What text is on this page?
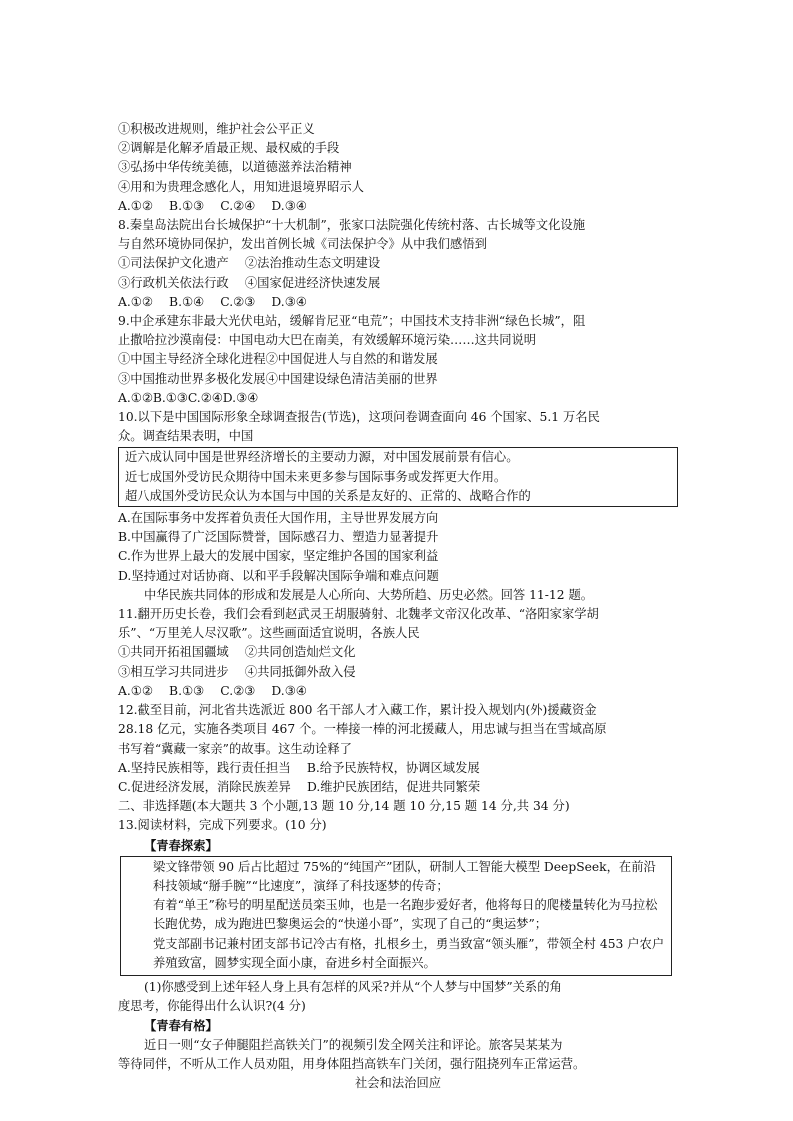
①积极改进规则，维护社会公平正义
②调解是化解矛盾最正规、最权威的手段
③弘扬中华传统美德，以道德滋养法治精神
④用和为贵理念感化人，用知进退境界昭示人
A.①②　 B.①③　 C.②④　 D.③④
8.秦皇岛法院出台长城保护“十大机制”，张家口法院强化传统村落、古长城等文化设施
与自然环境协同保护，发出首例长城《司法保护令》从中我们感悟到
①司法保护文化遗产　 ②法治推动生态文明建设
③行政机关依法行政　 ④国家促进经济快速发展
A.①②　 B.①④　 C.②③　 D.③④
9.中企承建东非最大光伏电站，缓解肯尼亚“电荒”；中国技术支持非洲“绿色长城”，阻
止撒哈拉沙漠南侵：中国电动大巴在南美，有效缓解环境污染……这共同说明
①中国主导经济全球化进程②中国促进人与自然的和谐发展
③中国推动世界多极化发展④中国建设绿色清洁美丽的世界
A.①②B.①③C.②④D.③④
10.以下是中国国际形象全球调查报告(节选)，这项问卷调查面向 46 个国家、5.1 万名民
众。调查结果表明，中国
近六成认同中国是世界经济增长的主要动力源，对中国发展前景有信心。
近七成国外受访民众期待中国未来更多参与国际事务或发挥更大作用。
超八成国外受访民众认为本国与中国的关系是友好的、正常的、战略合作的
A.在国际事务中发挥着负责任大国作用，主导世界发展方向
B.中国赢得了广泛国际赞誉，国际感召力、塑造力显著提升
C.作为世界上最大的发展中国家，坚定维护各国的国家利益
D.坚持通过对话协商、以和平手段解决国际争端和难点问题
中华民族共同体的形成和发展是人心所向、大势所趋、历史必然。回答 11-12 题。
11.翻开历史长卷，我们会看到赵武灵王胡服骑射、北魏孝文帝汉化改革、“洛阳家家学胡
乐”、“万里羌人尽汉歌”。这些画面适宜说明，各族人民
①共同开拓祖国疆域　 ②共同创造灿烂文化
③相互学习共同进步　 ④共同抵御外敌入侵
A.①②　 B.①③　 C.②③　 D.③④
12.截至目前，河北省共选派近 800 名干部人才入藏工作，累计投入规划内(外)援藏资金
28.18 亿元，实施各类项目 467 个。一棒接一棒的河北援藏人，用忠诚与担当在雪域高原
书写着“冀藏一家亲”的故事。这生动诠释了
A.坚持民族相等，践行责任担当　 B.给予民族特权，协调区域发展
C.促进经济发展，消除民族差异　 D.维护民族团结，促进共同繁荣
二、非选择题(本大题共 3 个小题,13 题 10 分,14 题 10 分,15 题 14 分,共 34 分)
13.阅读材料，完成下列要求。(10 分)
【青春探索】
梁文锋带领 90 后占比超过 75%的“纯国产”团队，研制人工智能大模型 DeepSeek，在前沿科技领域“掰手腕”“比速度”，演绎了科技逐梦的传奇；
有着“单王”称号的明星配送员栾玉帅，也是一名跑步爱好者，他将每日的爬楼量转化为马拉松长跑优势，成为跑进巴黎奥运会的“快递小哥”，实现了自己的“奥运梦”；
党支部副书记兼村团支部书记冷古有格，扎根乡土，勇当致富“领头雁”，带领全村 453 户农户养殖致富，圆梦实现全面小康，奋进乡村全面振兴。
(1)你感受到上述年轻人身上具有怎样的风采?并从“个人梦与中国梦”关系的角
度思考，你能得出什么认识?(4 分)
【青春有格】
近日一则“女子伸腿阻拦高铁关门”的视频引发全网关注和评论。旅客吴某某为
等待同伴，不听从工作人员劝阻，用身体阻挡高铁车门关闭，强行阻挠列车正常运营。
社会和法治回应
